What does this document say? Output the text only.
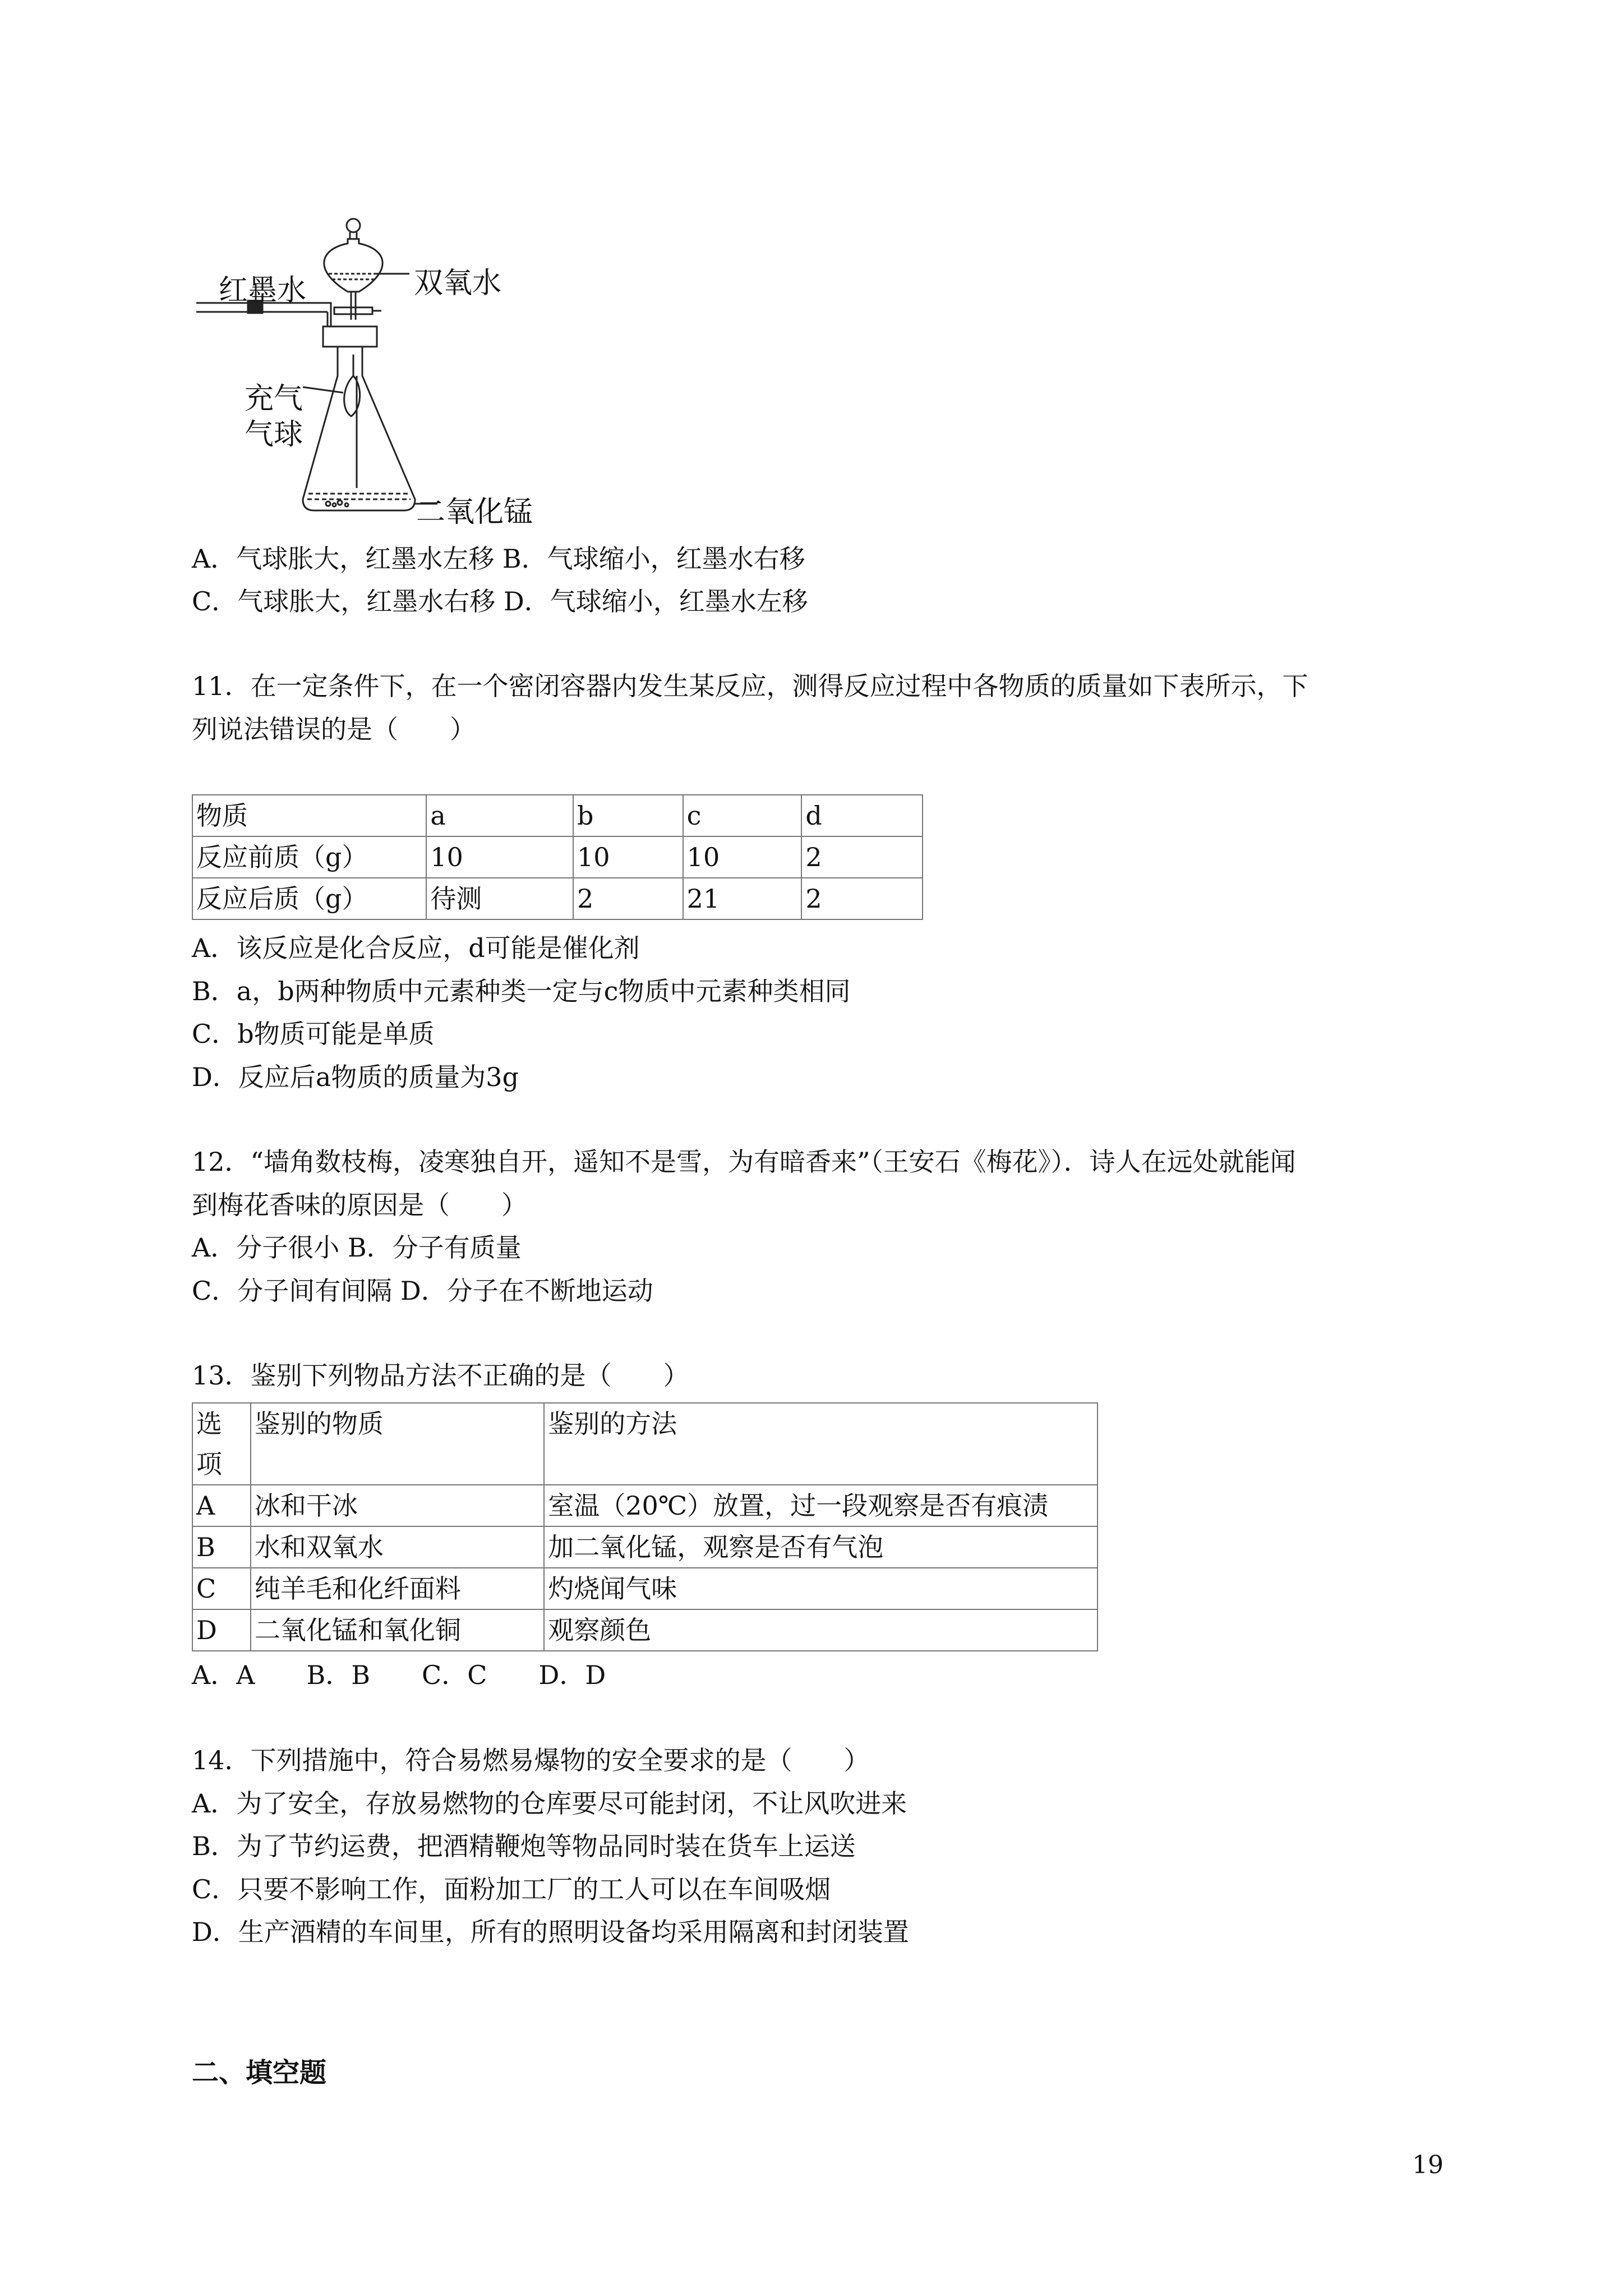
红墨水	双氧水
充气
气球
二氧化锰
A．气球胀大，红墨水左移 B．气球缩小，红墨水右移
C．气球胀大，红墨水右移 D．气球缩小，红墨水左移
11．在一定条件下，在一个密闭容器内发生某反应，测得反应过程中各物质的质量如下表所示，下
列说法错误的是（　　）
物质	a	b	c	d
反应前质（g）	10	10	10	2
反应后质（g）	待测	2	21	2
A．该反应是化合反应，d可能是催化剂
B．a，b两种物质中元素种类一定与c物质中元素种类相同
C．b物质可能是单质
D．反应后a物质的质量为3g
12．“墙角数枝梅，凌寒独自开，遥知不是雪，为有暗香来”（王安石《梅花》）．诗人在远处就能闻
到梅花香味的原因是（　　）
A．分子很小 B．分子有质量
C．分子间有间隔 D．分子在不断地运动
13．鉴别下列物品方法不正确的是（　　）
选项	鉴别的物质	鉴别的方法
A	冰和干冰	室温（20℃）放置，过一段观察是否有痕渍
B	水和双氧水	加二氧化锰，观察是否有气泡
C	纯羊毛和化纤面料	灼烧闻气味
D	二氧化锰和氧化铜	观察颜色
A．A　　B．B　　C．C　　D．D
14．下列措施中，符合易燃易爆物的安全要求的是（　　）
A．为了安全，存放易燃物的仓库要尽可能封闭，不让风吹进来
B．为了节约运费，把酒精鞭炮等物品同时装在货车上运送
C．只要不影响工作，面粉加工厂的工人可以在车间吸烟
D．生产酒精的车间里，所有的照明设备均采用隔离和封闭装置
二、填空题
19
